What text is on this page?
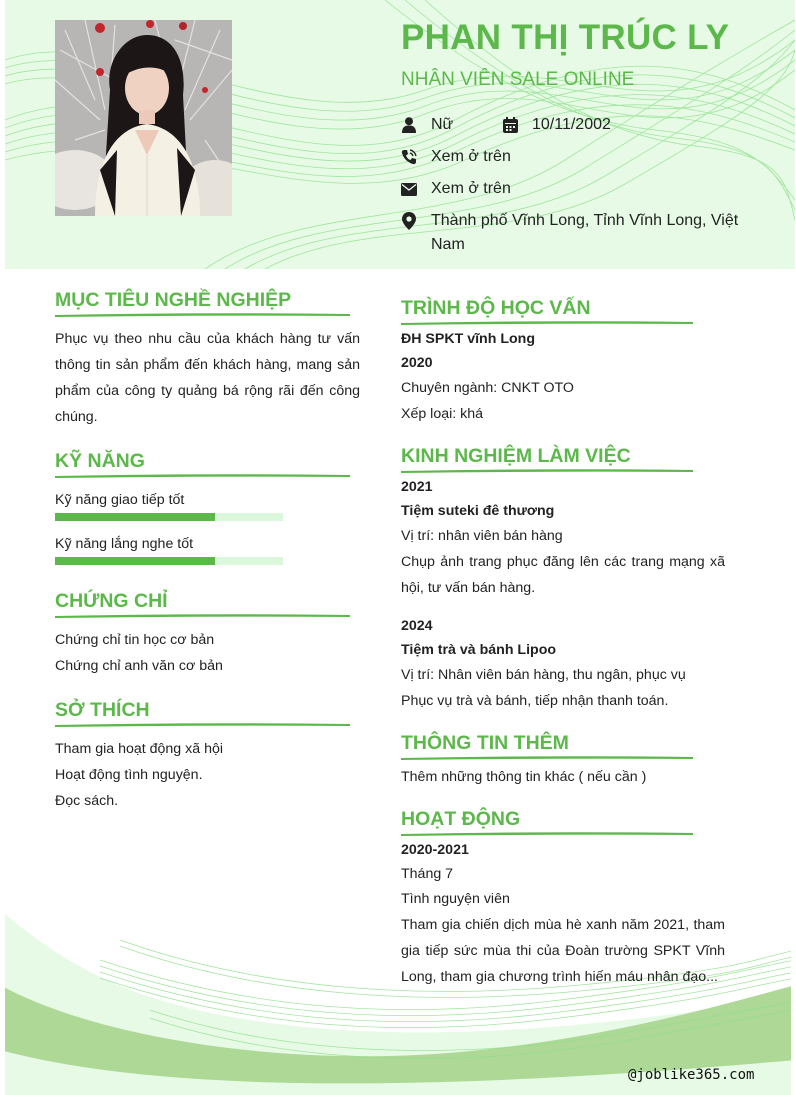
PHAN THỊ TRÚC LY
NHÂN VIÊN SALE ONLINE
Nữ	10/11/2002
Xem ở trên
Xem ở trên
Thành phố Vĩnh Long, Tỉnh Vĩnh Long, Việt
Nam
MỤC TIÊU NGHỀ NGHIỆP
Phục vụ theo nhu cầu của khách hàng tư vấn
thông tin sản phẩm đến khách hàng, mang sản
phẩm của công ty quảng bá rộng rãi đến công
chúng.
KỸ NĂNG
Kỹ năng giao tiếp tốt
Kỹ năng lắng nghe tốt
CHỨNG CHỈ
Chứng chỉ tin học cơ bản
Chứng chỉ anh văn cơ bản
SỞ THÍCH
Tham gia hoạt động xã hội
Hoạt động tình nguyện.
Đọc sách.
TRÌNH ĐỘ HỌC VẤN
ĐH SPKT vĩnh Long
2020
Chuyên ngành: CNKT OTO
Xếp loại: khá
KINH NGHIỆM LÀM VIỆC
2021
Tiệm suteki đê thương
Vị trí: nhân viên bán hàng
Chụp ảnh trang phục đăng lên các trang mạng xã
hội, tư vấn bán hàng.
2024
Tiệm trà và bánh Lipoo
Vị trí: Nhân viên bán hàng, thu ngân, phục vụ
Phục vụ trà và bánh, tiếp nhận thanh toán.
THÔNG TIN THÊM
Thêm những thông tin khác ( nếu cần )
HOẠT ĐỘNG
2020-2021
Tháng 7
Tình nguyện viên
Tham gia chiến dịch mùa hè xanh năm 2021, tham
gia tiếp sức mùa thi của Đoàn trường SPKT Vĩnh
Long, tham gia chương trình hiến máu nhân đạo...
@joblike365.com
